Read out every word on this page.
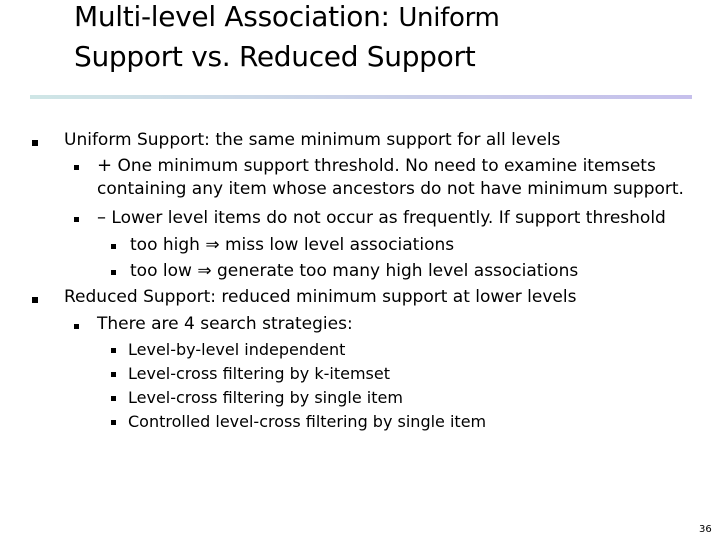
Multi-level Association: Uniform
Support vs. Reduced Support
Uniform Support: the same minimum support for all levels
+ One minimum support threshold. No need to examine itemsets
containing any item whose ancestors do not have minimum support.
– Lower level items do not occur as frequently. If support threshold
too high ⇒ miss low level associations
too low ⇒ generate too many high level associations
Reduced Support: reduced minimum support at lower levels
There are 4 search strategies:
Level-by-level independent
Level-cross filtering by k-itemset
Level-cross filtering by single item
Controlled level-cross filtering by single item
36
